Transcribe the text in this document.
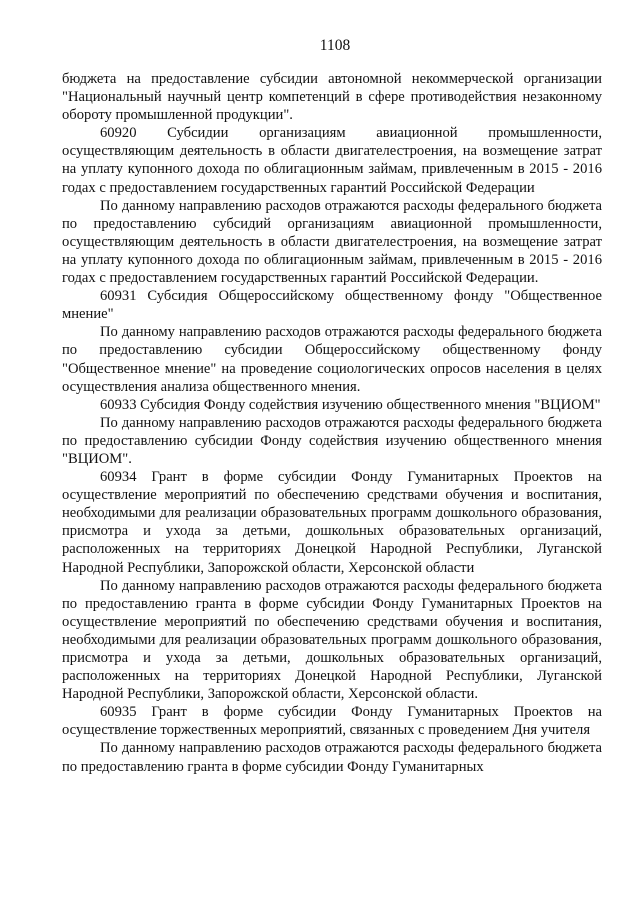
1108

бюджета на предоставление субсидии автономной некоммерческой организации "Национальный научный центр компетенций в сфере противодействия незаконному обороту промышленной продукции".

60920 Субсидии организациям авиационной промышленности, осуществляющим деятельность в области двигателестроения, на возмещение затрат на уплату купонного дохода по облигационным займам, привлеченным в 2015 - 2016 годах с предоставлением государственных гарантий Российской Федерации

По данному направлению расходов отражаются расходы федерального бюджета по предоставлению субсидий организациям авиационной промышленности, осуществляющим деятельность в области двигателестроения, на возмещение затрат на уплату купонного дохода по облигационным займам, привлеченным в 2015 - 2016 годах с предоставлением государственных гарантий Российской Федерации.

60931 Субсидия Общероссийскому общественному фонду "Общественное мнение"

По данному направлению расходов отражаются расходы федерального бюджета по предоставлению субсидии Общероссийскому общественному фонду "Общественное мнение" на проведение социологических опросов населения в целях осуществления анализа общественного мнения.

60933 Субсидия Фонду содействия изучению общественного мнения "ВЦИОМ"

По данному направлению расходов отражаются расходы федерального бюджета по предоставлению субсидии Фонду содействия изучению общественного мнения "ВЦИОМ".

60934 Грант в форме субсидии Фонду Гуманитарных Проектов на осуществление мероприятий по обеспечению средствами обучения и воспитания, необходимыми для реализации образовательных программ дошкольного образования, присмотра и ухода за детьми, дошкольных образовательных организаций, расположенных на территориях Донецкой Народной Республики, Луганской Народной Республики, Запорожской области, Херсонской области

По данному направлению расходов отражаются расходы федерального бюджета по предоставлению гранта в форме субсидии Фонду Гуманитарных Проектов на осуществление мероприятий по обеспечению средствами обучения и воспитания, необходимыми для реализации образовательных программ дошкольного образования, присмотра и ухода за детьми, дошкольных образовательных организаций, расположенных на территориях Донецкой Народной Республики, Луганской Народной Республики, Запорожской области, Херсонской области.

60935 Грант в форме субсидии Фонду Гуманитарных Проектов на осуществление торжественных мероприятий, связанных с проведением Дня учителя

По данному направлению расходов отражаются расходы федерального бюджета по предоставлению гранта в форме субсидии Фонду Гуманитарных
